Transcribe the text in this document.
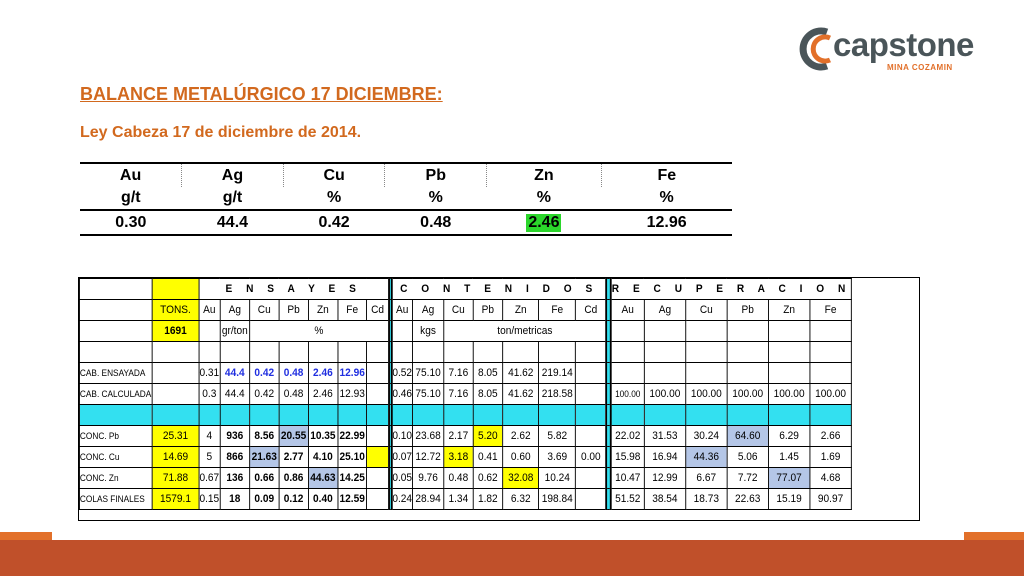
capstone
MINA COZAMIN
BALANCE METALÚRGICO 17 DICIEMBRE:
Ley Cabeza 17 de diciembre de 2014.
Au	Ag	Cu	Pb	Zn	Fe
g/t	g/t	%	%	%	%
0.30	44.4	0.42	0.48	2.46	12.96
		E N S A Y E S								C O N T E N I D O S								R E C U P E R A C I O N					
	TONS.	Au	Ag	Cu	Pb	Zn	Fe	Cd		Au	Ag	Cu	Pb	Zn	Fe	Cd		Au	Ag	Cu	Pb	Zn	Fe
	1691		gr/ton	%							kgs	ton/metricas											

CAB. ENSAYADA		0.31	44.4	0.42	0.48	2.46	12.96			0.52	75.10	7.16	8.05	41.62	219.14								
CAB. CALCULADA		0.3	44.4	0.42	0.48	2.46	12.93			0.46	75.10	7.16	8.05	41.62	218.58			100.00	100.00	100.00	100.00	100.00	100.00

CONC. Pb	25.31	4	936	8.56	20.55	10.35	22.99			0.10	23.68	2.17	5.20	2.62	5.82			22.02	31.53	30.24	64.60	6.29	2.66
CONC. Cu	14.69	5	866	21.63	2.77	4.10	25.10			0.07	12.72	3.18	0.41	0.60	3.69	0.00		15.98	16.94	44.36	5.06	1.45	1.69
CONC. Zn	71.88	0.67	136	0.66	0.86	44.63	14.25			0.05	9.76	0.48	0.62	32.08	10.24			10.47	12.99	6.67	7.72	77.07	4.68
COLAS FINALES	1579.1	0.15	18	0.09	0.12	0.40	12.59			0.24	28.94	1.34	1.82	6.32	198.84			51.52	38.54	18.73	22.63	15.19	90.97
